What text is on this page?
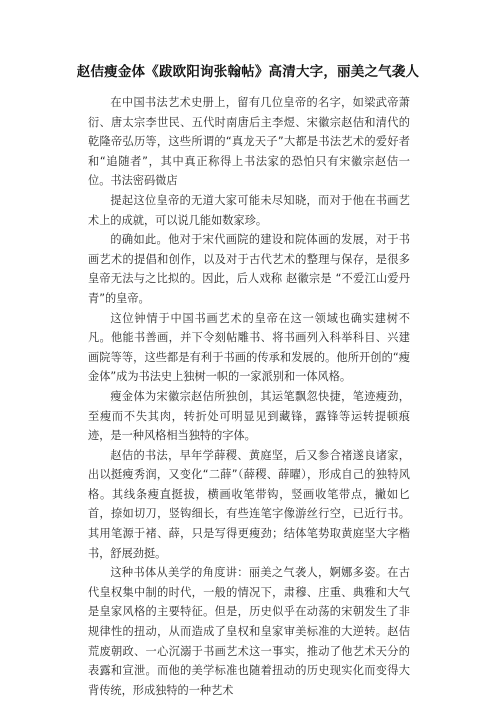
赵佶瘦金体《跋欧阳询张翰帖》高清大字，丽美之气袭人

在中国书法艺术史册上，留有几位皇帝的名字，如梁武帝萧衍、唐太宗李世民、五代时南唐后主李煜、宋徽宗赵佶和清代的乾隆帝弘历等，这些所谓的“真龙天子”大都是书法艺术的爱好者和“追随者”，其中真正称得上书法家的恐怕只有宋徽宗赵佶一位。书法密码微店

提起这位皇帝的无道大家可能未尽知晓，而对于他在书画艺术上的成就，可以说几能如数家珍。

的确如此。他对于宋代画院的建设和院体画的发展，对于书画艺术的提倡和创作，以及对于古代艺术的整理与保存，是很多皇帝无法与之比拟的。因此，后人戏称 赵徽宗是 “不爱江山爱丹青”的皇帝。

这位钟情于中国书画艺术的皇帝在这一领域也确实建树不凡。他能书善画，并下令刻帖雕书、将书画列入科举科目、兴建画院等等，这些都是有利于书画的传承和发展的。他所开创的“瘦金体”成为书法史上独树一帜的一家派别和一体风格。

瘦金体为宋徽宗赵佶所独创，其运笔飘忽快捷，笔迹瘦劲，至瘦而不失其肉，转折处可明显见到藏锋，露锋等运转提顿痕迹，是一种风格相当独特的字体。

赵佶的书法，早年学薛稷、黄庭坚，后又参合褚遂良诸家，出以挺瘦秀润，又变化“二薛”（薛稷、薛曜），形成自己的独特风格。其线条瘦直挺拔，横画收笔带钩，竖画收笔带点，撇如匕首，捺如切刀，竖钩细长，有些连笔字像游丝行空，已近行书。其用笔源于褚、薛，只是写得更瘦劲；结体笔势取黄庭坚大字楷书，舒展劲挺。

这种书体从美学的角度讲：丽美之气袭人，婀娜多姿。在古代皇权集中制的时代，一般的情况下，肃穆、庄重、典雅和大气是皇家风格的主要特征。但是，历史似乎在动荡的宋朝发生了非规律性的扭动，从而造成了皇权和皇家审美标准的大逆转。赵佶荒废朝政、一心沉溺于书画艺术这一事实，推动了他艺术天分的表露和宣泄。而他的美学标准也随着扭动的历史现实化而变得大背传统，形成独特的一种艺术
